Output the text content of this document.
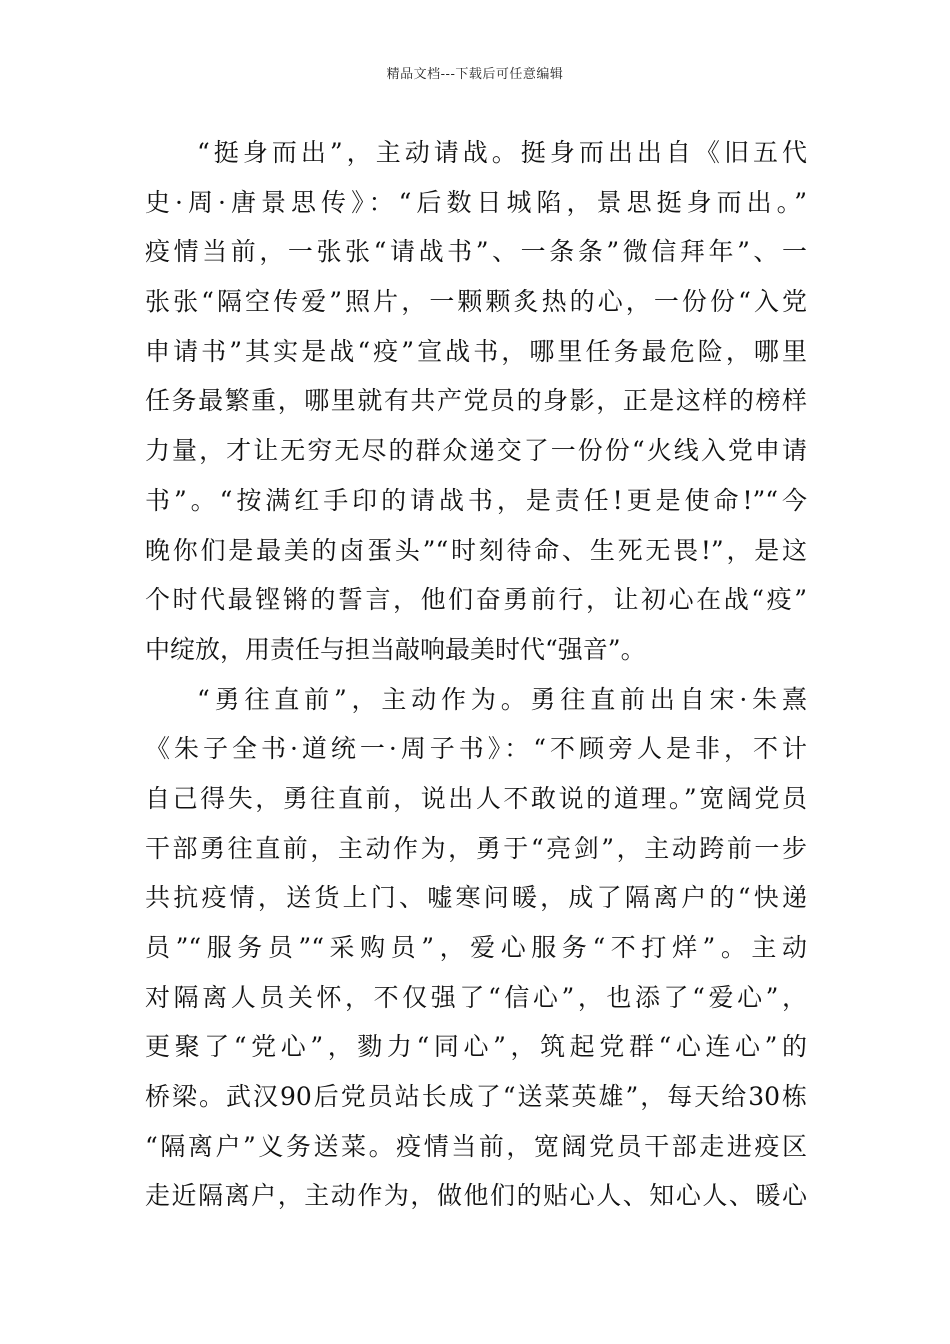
精品文档---下载后可任意编辑
“挺身而出”，主动请战。挺身而出出自《旧五代
史·周·唐景思传》：“后数日城陷，景思挺身而出。”
疫情当前，一张张“请战书”、一条条”微信拜年”、一
张张“隔空传爱”照片，一颗颗炙热的心，一份份“入党
申请书”其实是战“疫”宣战书，哪里任务最危险，哪里
任务最繁重，哪里就有共产党员的身影，正是这样的榜样
力量，才让无穷无尽的群众递交了一份份“火线入党申请
书”。“按满红手印的请战书，是责任!更是使命!”“今
晚你们是最美的卤蛋头”“时刻待命、生死无畏!”，是这
个时代最铿锵的誓言，他们奋勇前行，让初心在战“疫”
中绽放，用责任与担当敲响最美时代“强音”。
“勇往直前”，主动作为。勇往直前出自宋·朱熹
《朱子全书·道统一·周子书》：“不顾旁人是非，不计
自己得失，勇往直前，说出人不敢说的道理。”宽阔党员
干部勇往直前，主动作为，勇于“亮剑”，主动跨前一步
共抗疫情，送货上门、嘘寒问暖，成了隔离户的“快递
员”“服务员”“采购员”，爱心服务“不打烊”。主动
对隔离人员关怀，不仅强了“信心”，也添了“爱心”，
更聚了“党心”，勠力“同心”，筑起党群“心连心”的
桥梁。武汉90后党员站长成了“送菜英雄”，每天给30栋
“隔离户”义务送菜。疫情当前，宽阔党员干部走进疫区
走近隔离户，主动作为，做他们的贴心人、知心人、暖心
